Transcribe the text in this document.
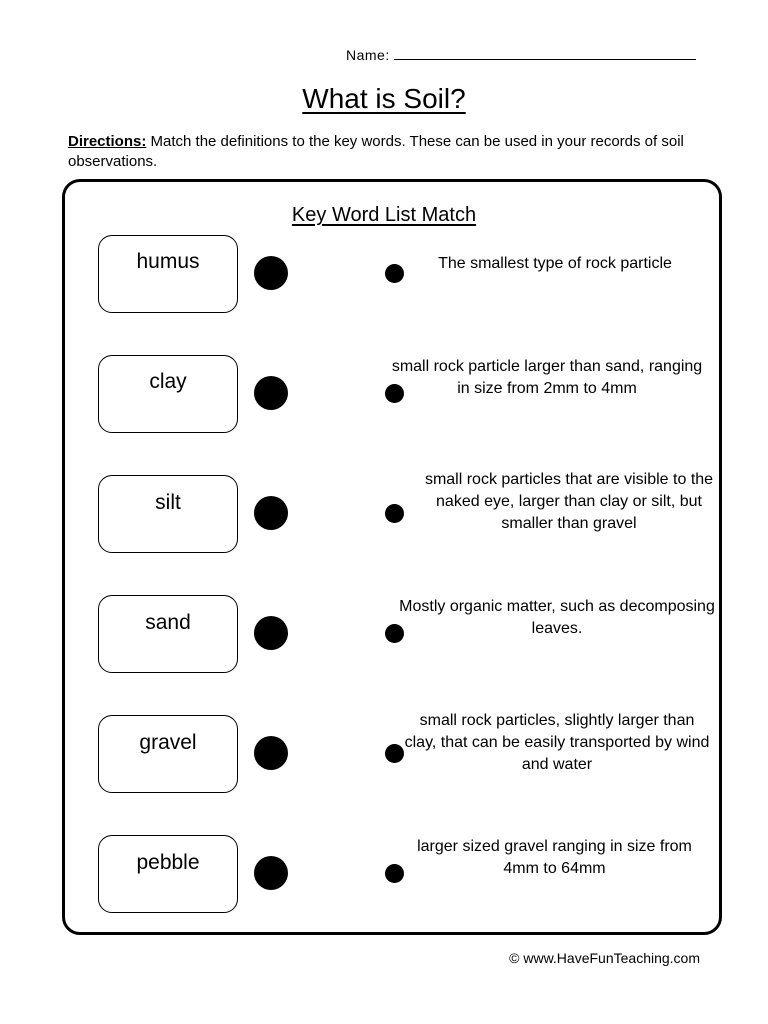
Name:
What is Soil?
Directions: Match the definitions to the key words. These can be used in your records of soil observations.
Key Word List Match
humus	The smallest type of rock particle
clay
small rock particle larger than sand, ranging in size from 2mm to 4mm
silt
small rock particles that are visible to the naked eye, larger than clay or silt, but smaller than gravel
sand
Mostly organic matter, such as decomposing leaves.
gravel
small rock particles, slightly larger than clay, that can be easily transported by wind and water
pebble
larger sized gravel ranging in size from 4mm to 64mm
© www.HaveFunTeaching.com
